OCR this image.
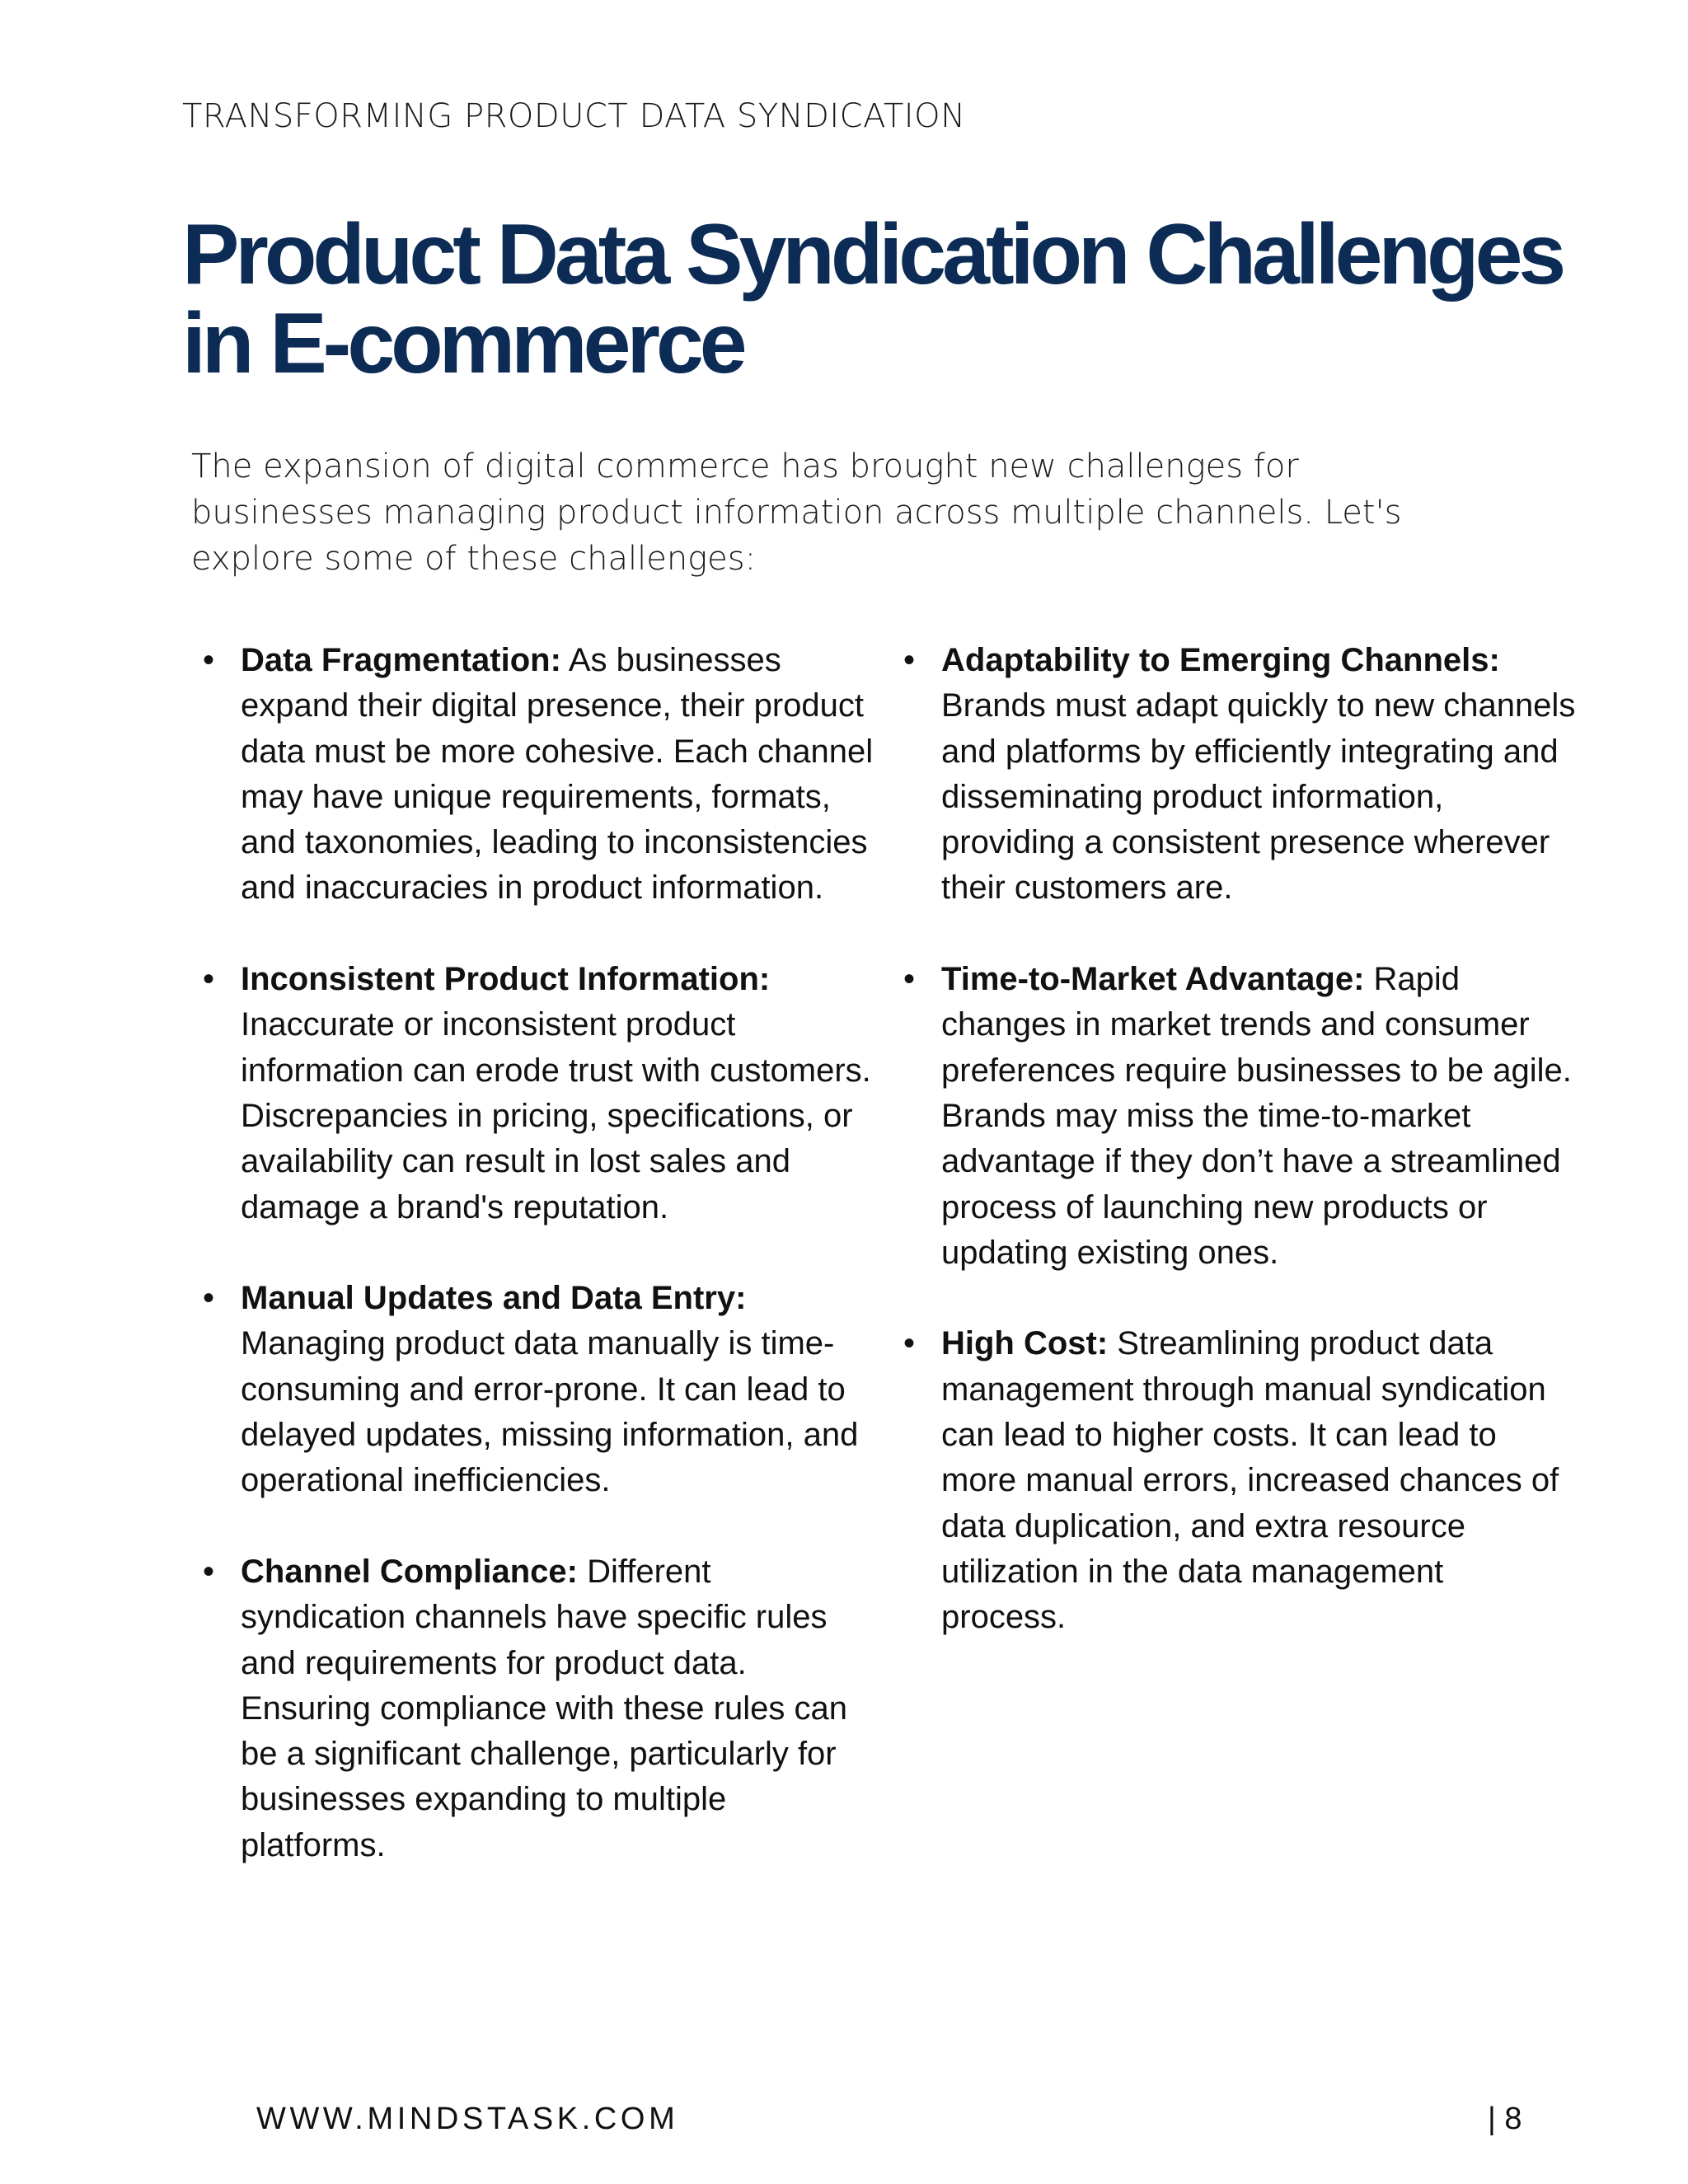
TRANSFORMING PRODUCT DATA SYNDICATION
Product Data Syndication Challenges in E-commerce

The expansion of digital commerce has brought new challenges for businesses managing product information across multiple channels. Let's explore some of these challenges:

• Data Fragmentation: As businesses expand their digital presence, their product data must be more cohesive. Each channel may have unique requirements, formats, and taxonomies, leading to inconsistencies and inaccuracies in product information.
• Inconsistent Product Information: Inaccurate or inconsistent product information can erode trust with customers. Discrepancies in pricing, specifications, or availability can result in lost sales and damage a brand's reputation.
• Manual Updates and Data Entry: Managing product data manually is time-consuming and error-prone. It can lead to delayed updates, missing information, and operational inefficiencies.
• Channel Compliance: Different syndication channels have specific rules and requirements for product data. Ensuring compliance with these rules can be a significant challenge, particularly for businesses expanding to multiple platforms.
• Adaptability to Emerging Channels: Brands must adapt quickly to new channels and platforms by efficiently integrating and disseminating product information, providing a consistent presence wherever their customers are.
• Time-to-Market Advantage: Rapid changes in market trends and consumer preferences require businesses to be agile. Brands may miss the time-to-market advantage if they don’t have a streamlined process of launching new products or updating existing ones.
• High Cost: Streamlining product data management through manual syndication can lead to higher costs. It can lead to more manual errors, increased chances of data duplication, and extra resource utilization in the data management process.
WWW.MINDSTASK.COM	| 8
